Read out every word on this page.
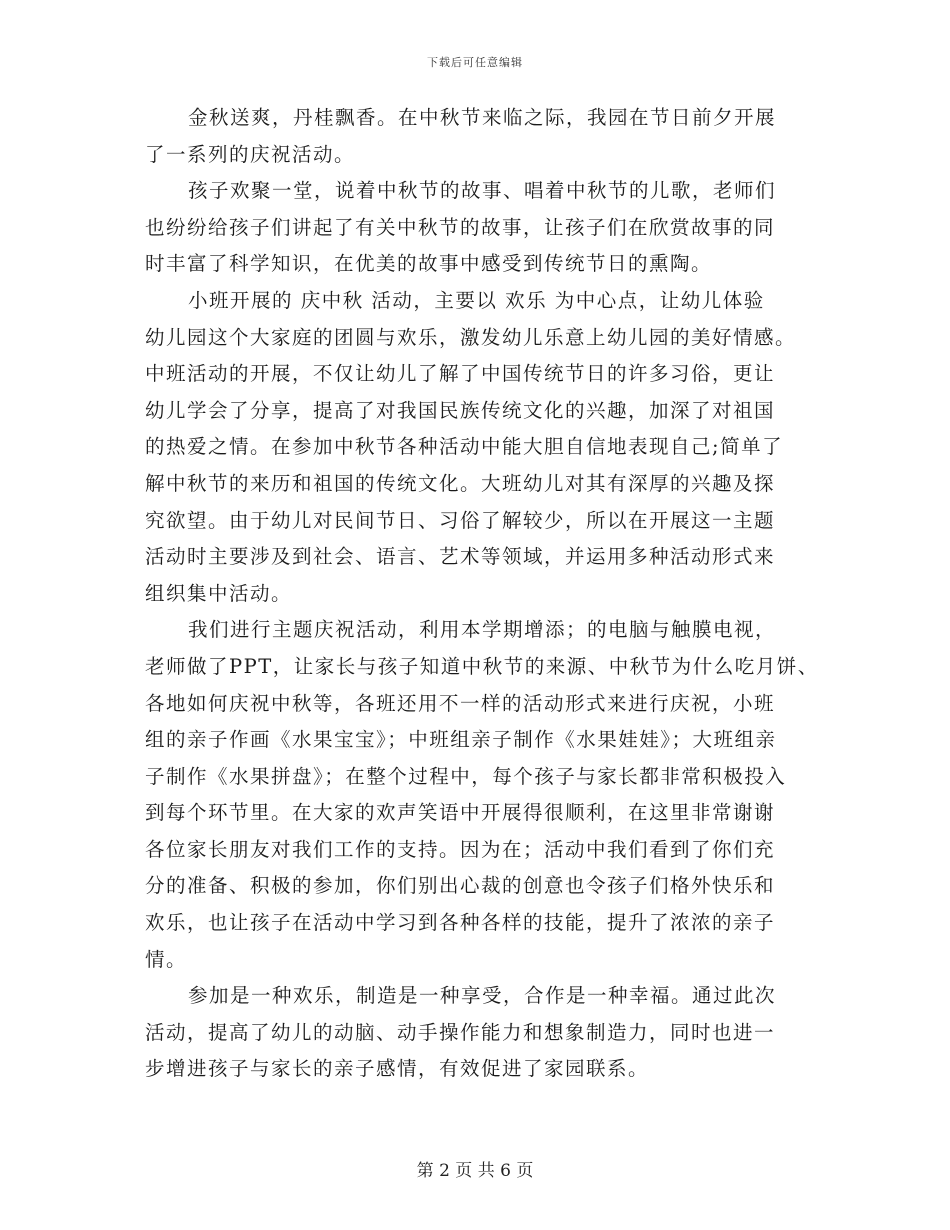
下载后可任意编辑
金秋送爽，丹桂飘香。在中秋节来临之际，我园在节日前夕开展
了一系列的庆祝活动。
孩子欢聚一堂，说着中秋节的故事、唱着中秋节的儿歌，老师们
也纷纷给孩子们讲起了有关中秋节的故事，让孩子们在欣赏故事的同
时丰富了科学知识，在优美的故事中感受到传统节日的熏陶。
小班开展的 庆中秋 活动，主要以 欢乐 为中心点，让幼儿体验
幼儿园这个大家庭的团圆与欢乐，激发幼儿乐意上幼儿园的美好情感。
中班活动的开展，不仅让幼儿了解了中国传统节日的许多习俗，更让
幼儿学会了分享，提高了对我国民族传统文化的兴趣，加深了对祖国
的热爱之情。在参加中秋节各种活动中能大胆自信地表现自己;简单了
解中秋节的来历和祖国的传统文化。大班幼儿对其有深厚的兴趣及探
究欲望。由于幼儿对民间节日、习俗了解较少，所以在开展这一主题
活动时主要涉及到社会、语言、艺术等领域，并运用多种活动形式来
组织集中活动。
我们进行主题庆祝活动，利用本学期增添；的电脑与触膜电视，
老师做了PPT，让家长与孩子知道中秋节的来源、中秋节为什么吃月饼、
各地如何庆祝中秋等，各班还用不一样的活动形式来进行庆祝，小班
组的亲子作画《水果宝宝》；中班组亲子制作《水果娃娃》；大班组亲
子制作《水果拼盘》；在整个过程中，每个孩子与家长都非常积极投入
到每个环节里。在大家的欢声笑语中开展得很顺利，在这里非常谢谢
各位家长朋友对我们工作的支持。因为在；活动中我们看到了你们充
分的准备、积极的参加，你们别出心裁的创意也令孩子们格外快乐和
欢乐，也让孩子在活动中学习到各种各样的技能，提升了浓浓的亲子
情。
参加是一种欢乐，制造是一种享受，合作是一种幸福。通过此次
活动，提高了幼儿的动脑、动手操作能力和想象制造力，同时也进一
步增进孩子与家长的亲子感情，有效促进了家园联系。
第 2 页 共 6 页
